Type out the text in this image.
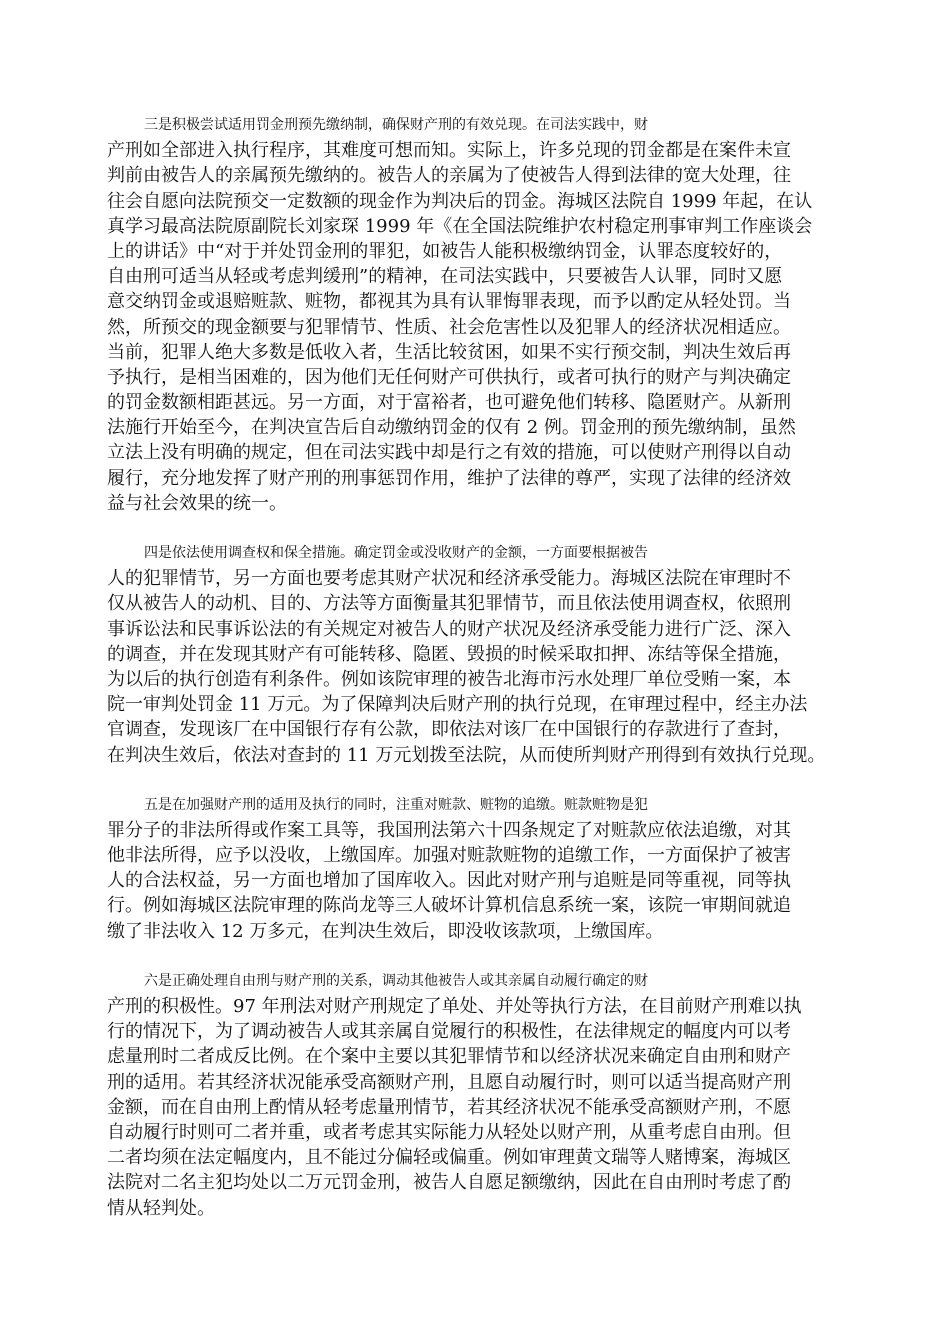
三是积极尝试适用罚金刑预先缴纳制，确保财产刑的有效兑现。在司法实践中，财
产刑如全部进入执行程序，其难度可想而知。实际上，许多兑现的罚金都是在案件未宣
判前由被告人的亲属预先缴纳的。被告人的亲属为了使被告人得到法律的宽大处理，往
往会自愿向法院预交一定数额的现金作为判决后的罚金。海城区法院自 1999 年起，在认
真学习最高法院原副院长刘家琛 1999 年《在全国法院维护农村稳定刑事审判工作座谈会
上的讲话》中“对于并处罚金刑的罪犯，如被告人能积极缴纳罚金，认罪态度较好的，
自由刑可适当从轻或考虑判缓刑”的精神，在司法实践中，只要被告人认罪，同时又愿
意交纳罚金或退赔赃款、赃物，都视其为具有认罪悔罪表现，而予以酌定从轻处罚。当
然，所预交的现金额要与犯罪情节、性质、社会危害性以及犯罪人的经济状况相适应。
当前，犯罪人绝大多数是低收入者，生活比较贫困，如果不实行预交制，判决生效后再
予执行，是相当困难的，因为他们无任何财产可供执行，或者可执行的财产与判决确定
的罚金数额相距甚远。另一方面，对于富裕者，也可避免他们转移、隐匿财产。从新刑
法施行开始至今，在判决宣告后自动缴纳罚金的仅有 2 例。罚金刑的预先缴纳制，虽然
立法上没有明确的规定，但在司法实践中却是行之有效的措施，可以使财产刑得以自动
履行，充分地发挥了财产刑的刑事惩罚作用，维护了法律的尊严，实现了法律的经济效
益与社会效果的统一。

四是依法使用调查权和保全措施。确定罚金或没收财产的金额，一方面要根据被告
人的犯罪情节，另一方面也要考虑其财产状况和经济承受能力。海城区法院在审理时不
仅从被告人的动机、目的、方法等方面衡量其犯罪情节，而且依法使用调查权，依照刑
事诉讼法和民事诉讼法的有关规定对被告人的财产状况及经济承受能力进行广泛、深入
的调查，并在发现其财产有可能转移、隐匿、毁损的时候采取扣押、冻结等保全措施，
为以后的执行创造有利条件。例如该院审理的被告北海市污水处理厂单位受贿一案，本
院一审判处罚金 11 万元。为了保障判决后财产刑的执行兑现，在审理过程中，经主办法
官调查，发现该厂在中国银行存有公款，即依法对该厂在中国银行的存款进行了查封，
在判决生效后，依法对查封的 11 万元划拨至法院，从而使所判财产刑得到有效执行兑现。

五是在加强财产刑的适用及执行的同时，注重对赃款、赃物的追缴。赃款赃物是犯
罪分子的非法所得或作案工具等，我国刑法第六十四条规定了对赃款应依法追缴，对其
他非法所得，应予以没收，上缴国库。加强对赃款赃物的追缴工作，一方面保护了被害
人的合法权益，另一方面也增加了国库收入。因此对财产刑与追赃是同等重视，同等执
行。例如海城区法院审理的陈尚龙等三人破坏计算机信息系统一案，该院一审期间就追
缴了非法收入 12 万多元，在判决生效后，即没收该款项，上缴国库。

六是正确处理自由刑与财产刑的关系，调动其他被告人或其亲属自动履行确定的财
产刑的积极性。97 年刑法对财产刑规定了单处、并处等执行方法，在目前财产刑难以执
行的情况下，为了调动被告人或其亲属自觉履行的积极性，在法律规定的幅度内可以考
虑量刑时二者成反比例。在个案中主要以其犯罪情节和以经济状况来确定自由刑和财产
刑的适用。若其经济状况能承受高额财产刑，且愿自动履行时，则可以适当提高财产刑
金额，而在自由刑上酌情从轻考虑量刑情节，若其经济状况不能承受高额财产刑，不愿
自动履行时则可二者并重，或者考虑其实际能力从轻处以财产刑，从重考虑自由刑。但
二者均须在法定幅度内，且不能过分偏轻或偏重。例如审理黄文瑞等人赌博案，海城区
法院对二名主犯均处以二万元罚金刑，被告人自愿足额缴纳，因此在自由刑时考虑了酌
情从轻判处。
